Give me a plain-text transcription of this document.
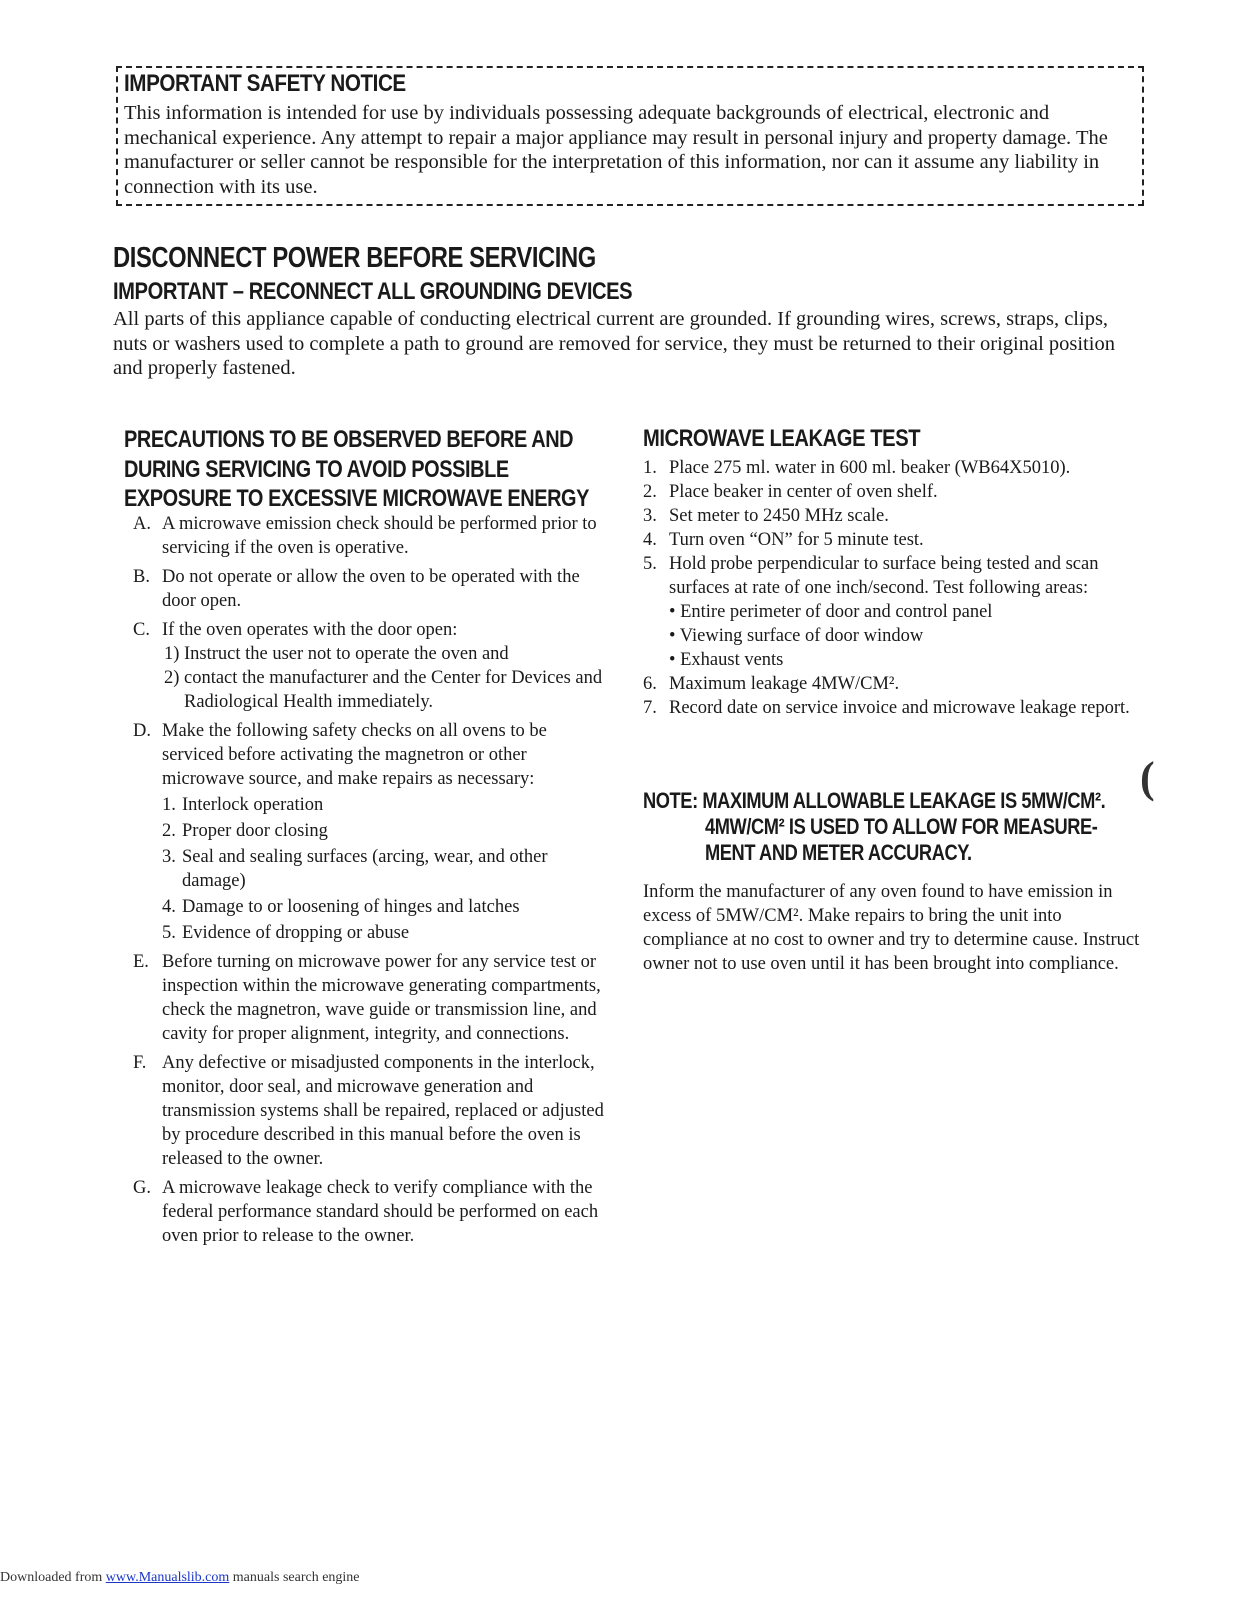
IMPORTANT SAFETY NOTICE
This information is intended for use by individuals possessing adequate backgrounds of electrical, electronic and mechanical experience. Any attempt to repair a major appliance may result in personal injury and property damage. The manufacturer or seller cannot be responsible for the interpretation of this information, nor can it assume any liability in connection with its use.
DISCONNECT POWER BEFORE SERVICING
IMPORTANT – RECONNECT ALL GROUNDING DEVICES
All parts of this appliance capable of conducting electrical current are grounded. If grounding wires, screws, straps, clips, nuts or washers used to complete a path to ground are removed for service, they must be returned to their original position and properly fastened.
PRECAUTIONS TO BE OBSERVED BEFORE AND
DURING SERVICING TO AVOID POSSIBLE
EXPOSURE TO EXCESSIVE MICROWAVE ENERGY
A. A microwave emission check should be performed prior to servicing if the oven is operative.
B. Do not operate or allow the oven to be operated with the door open.
C. If the oven operates with the door open:
1) Instruct the user not to operate the oven and
2) contact the manufacturer and the Center for Devices and Radiological Health immediately.
D. Make the following safety checks on all ovens to be serviced before activating the magnetron or other microwave source, and make repairs as necessary:
1. Interlock operation
2. Proper door closing
3. Seal and sealing surfaces (arcing, wear, and other damage)
4. Damage to or loosening of hinges and latches
5. Evidence of dropping or abuse
E. Before turning on microwave power for any service test or inspection within the microwave generating compartments, check the magnetron, wave guide or transmission line, and cavity for proper alignment, integrity, and connections.
F. Any defective or misadjusted components in the interlock, monitor, door seal, and microwave generation and transmission systems shall be repaired, replaced or adjusted by procedure described in this manual before the oven is released to the owner.
G. A microwave leakage check to verify compliance with the federal performance standard should be performed on each oven prior to release to the owner.
MICROWAVE LEAKAGE TEST
1. Place 275 ml. water in 600 ml. beaker (WB64X5010).
2. Place beaker in center of oven shelf.
3. Set meter to 2450 MHz scale.
4. Turn oven “ON” for 5 minute test.
5. Hold probe perpendicular to surface being tested and scan surfaces at rate of one inch/second. Test following areas:
• Entire perimeter of door and control panel
• Viewing surface of door window
• Exhaust vents
6. Maximum leakage 4MW/CM².
7. Record date on service invoice and microwave leakage report.
NOTE: MAXIMUM ALLOWABLE LEAKAGE IS 5MW/CM².
4MW/CM² IS USED TO ALLOW FOR MEASURE-
MENT AND METER ACCURACY.
Inform the manufacturer of any oven found to have emission in excess of 5MW/CM². Make repairs to bring the unit into compliance at no cost to owner and try to determine cause. Instruct owner not to use oven until it has been brought into compliance.
(
Downloaded from www.Manualslib.com manuals search engine
